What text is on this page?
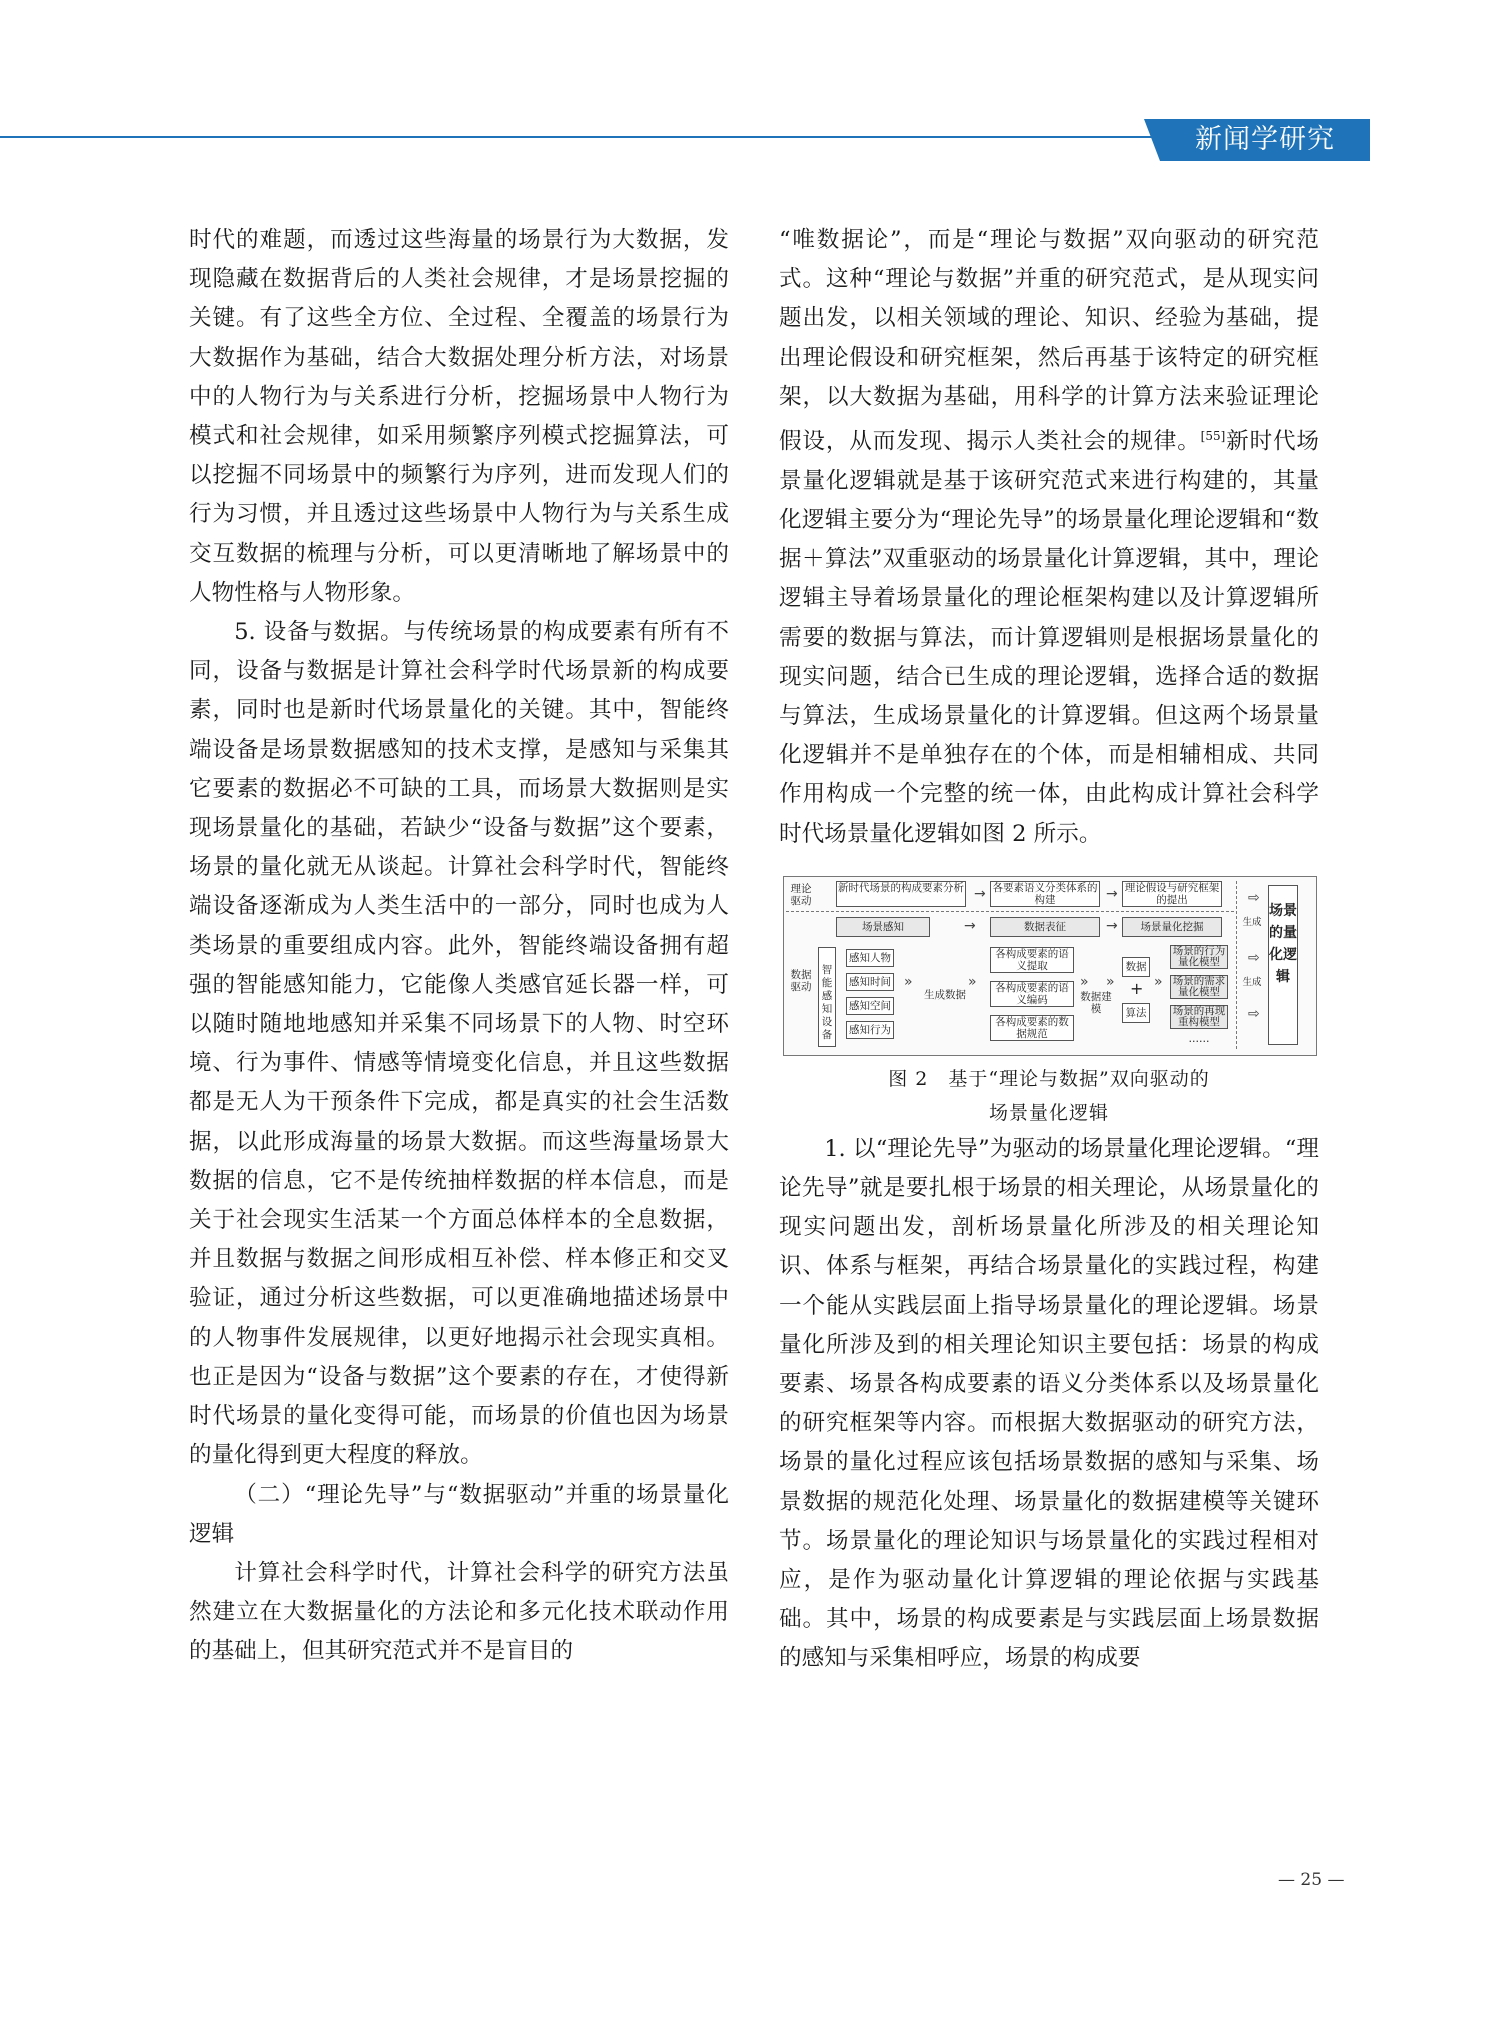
新闻学研究

时代的难题，而透过这些海量的场景行为大数据，发现隐藏在数据背后的人类社会规律，才是场景挖掘的关键。有了这些全方位、全过程、全覆盖的场景行为大数据作为基础，结合大数据处理分析方法，对场景中的人物行为与关系进行分析，挖掘场景中人物行为模式和社会规律，如采用频繁序列模式挖掘算法，可以挖掘不同场景中的频繁行为序列，进而发现人们的行为习惯，并且透过这些场景中人物行为与关系生成交互数据的梳理与分析，可以更清晰地了解场景中的人物性格与人物形象。

5. 设备与数据。与传统场景的构成要素有所有不同，设备与数据是计算社会科学时代场景新的构成要素，同时也是新时代场景量化的关键。其中，智能终端设备是场景数据感知的技术支撑，是感知与采集其它要素的数据必不可缺的工具，而场景大数据则是实现场景量化的基础，若缺少“设备与数据”这个要素，场景的量化就无从谈起。计算社会科学时代，智能终端设备逐渐成为人类生活中的一部分，同时也成为人类场景的重要组成内容。此外，智能终端设备拥有超强的智能感知能力，它能像人类感官延长器一样，可以随时随地地感知并采集不同场景下的人物、时空环境、行为事件、情感等情境变化信息，并且这些数据都是无人为干预条件下完成，都是真实的社会生活数据，以此形成海量的场景大数据。而这些海量场景大数据的信息，它不是传统抽样数据的样本信息，而是关于社会现实生活某一个方面总体样本的全息数据，并且数据与数据之间形成相互补偿、样本修正和交叉验证，通过分析这些数据，可以更准确地描述场景中的人物事件发展规律，以更好地揭示社会现实真相。也正是因为“设备与数据”这个要素的存在，才使得新时代场景的量化变得可能，而场景的价值也因为场景的量化得到更大程度的释放。

（二）“理论先导”与“数据驱动”并重的场景量化逻辑

计算社会科学时代，计算社会科学的研究方法虽然建立在大数据量化的方法论和多元化技术联动作用的基础上，但其研究范式并不是盲目的

“唯数据论”，而是“理论与数据”双向驱动的研究范式。这种“理论与数据”并重的研究范式，是从现实问题出发，以相关领域的理论、知识、经验为基础，提出理论假设和研究框架，然后再基于该特定的研究框架，以大数据为基础，用科学的计算方法来验证理论假设，从而发现、揭示人类社会的规律。[55]新时代场景量化逻辑就是基于该研究范式来进行构建的，其量化逻辑主要分为“理论先导”的场景量化理论逻辑和“数据＋算法”双重驱动的场景量化计算逻辑，其中，理论逻辑主导着场景量化的理论框架构建以及计算逻辑所需要的数据与算法，而计算逻辑则是根据场景量化的现实问题，结合已生成的理论逻辑，选择合适的数据与算法，生成场景量化的计算逻辑。但这两个场景量化逻辑并不是单独存在的个体，而是相辅相成、共同作用构成一个完整的统一体，由此构成计算社会科学时代场景量化逻辑如图 2 所示。

理论驱动
数据驱动
新时代场景的构成要素分析 → 各要素语义分类体系的构建	→ 理论假设与研究框架的提出
场景感知	→	数据表征	→	场景量化挖掘
智能感知设备
感知人物
感知时间
感知空间
感知行为
»
生成数据
»
各构成要素的语义提取
各构成要素的语义编码
各构成要素的数据规范
»
数据建模
»
数据
+
算法
»
场景的行为量化模型
场景的需求量化模型
场景的再现重构模型
……
生成
生成
⇨
⇨
⇨
场景的量化逻辑
图 2　基于“理论与数据”双向驱动的
场景量化逻辑

1. 以“理论先导”为驱动的场景量化理论逻辑。“理论先导”就是要扎根于场景的相关理论，从场景量化的现实问题出发，剖析场景量化所涉及的相关理论知识、体系与框架，再结合场景量化的实践过程，构建一个能从实践层面上指导场景量化的理论逻辑。场景量化所涉及到的相关理论知识主要包括：场景的构成要素、场景各构成要素的语义分类体系以及场景量化的研究框架等内容。而根据大数据驱动的研究方法，场景的量化过程应该包括场景数据的感知与采集、场景数据的规范化处理、场景量化的数据建模等关键环节。场景量化的理论知识与场景量化的实践过程相对应，是作为驱动量化计算逻辑的理论依据与实践基础。其中，场景的构成要素是与实践层面上场景数据的感知与采集相呼应，场景的构成要

— 25 —
